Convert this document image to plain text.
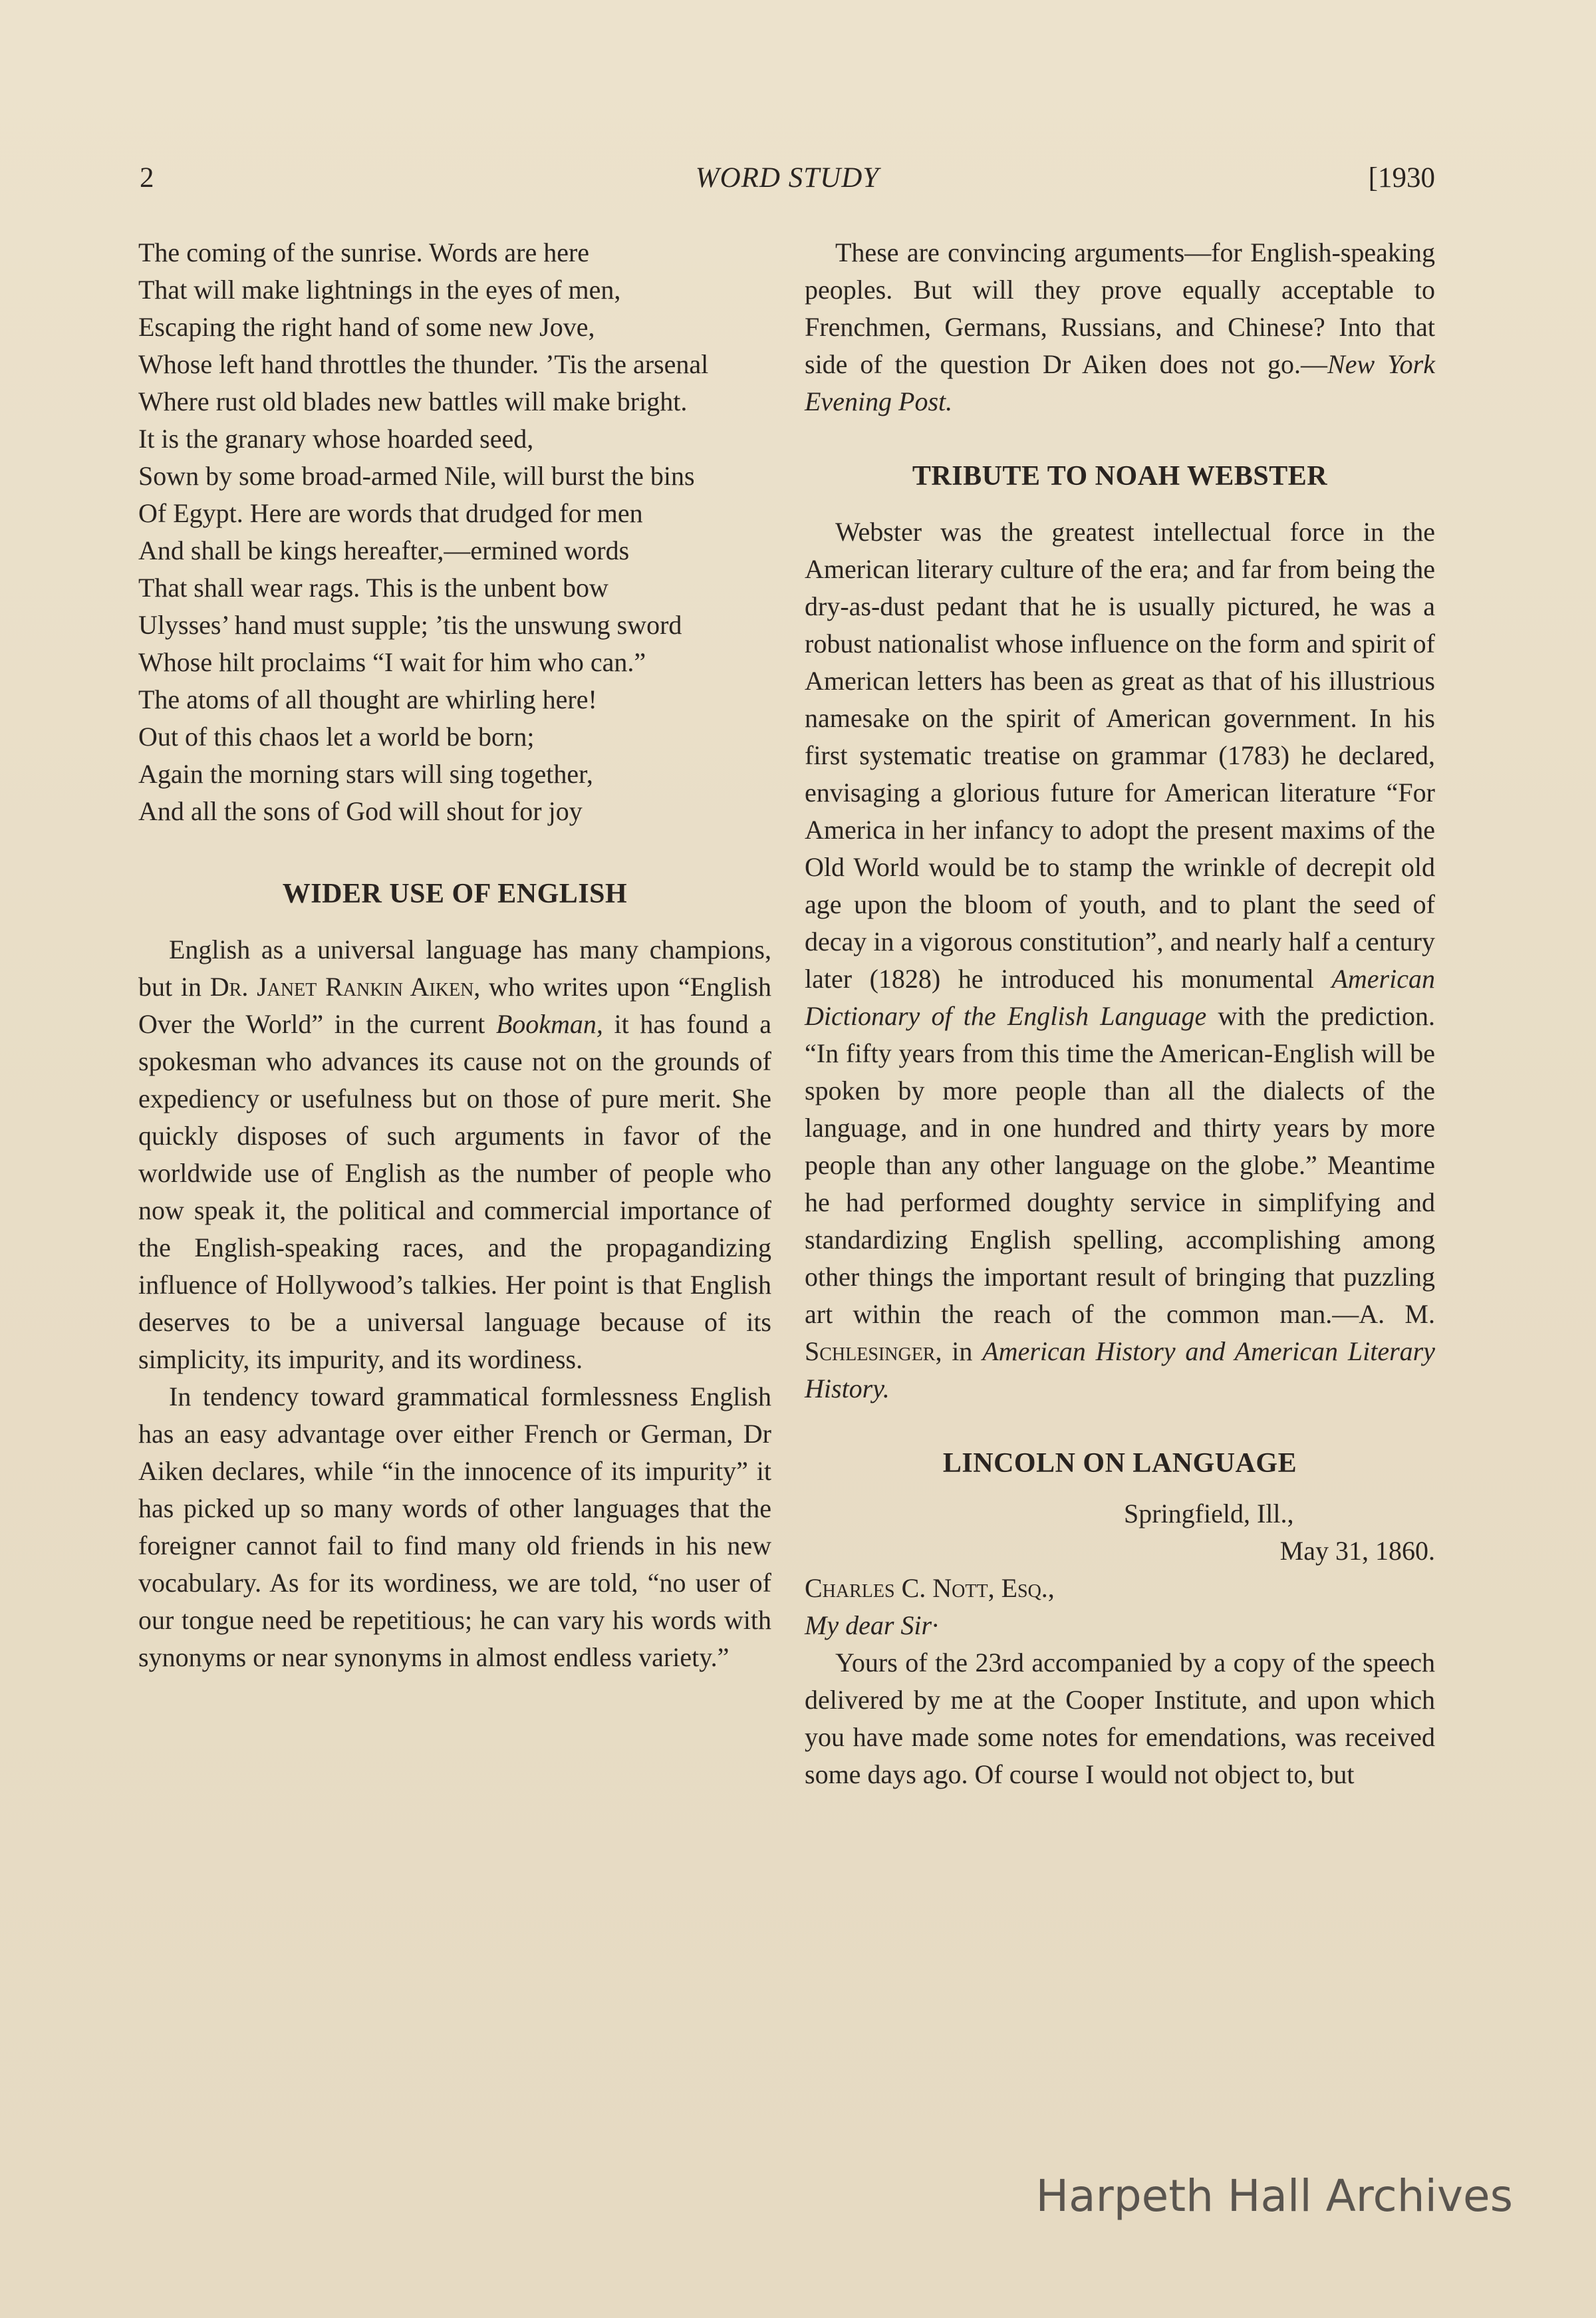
2	WORD STUDY	[1930
The coming of the sunrise. Words are here
That will make lightnings in the eyes of men,
Escaping the right hand of some new Jove,
Whose left hand throttles the thunder. ’Tis the arsenal
Where rust old blades new battles will make bright.
It is the granary whose hoarded seed,
Sown by some broad-armed Nile, will burst the bins
Of Egypt. Here are words that drudged for men
And shall be kings hereafter,—ermined words
That shall wear rags. This is the unbent bow
Ulysses’ hand must supple; ’tis the unswung sword
Whose hilt proclaims “I wait for him who can.”
The atoms of all thought are whirling here!
Out of this chaos let a world be born;
Again the morning stars will sing together,
And all the sons of God will shout for joy
WIDER USE OF ENGLISH

English as a universal language has many champions, but in Dr. Janet Rankin Aiken, who writes upon “English Over the World” in the current Bookman, it has found a spokesman who advances its cause not on the grounds of expediency or usefulness but on those of pure merit. She quickly disposes of such arguments in favor of the worldwide use of English as the number of people who now speak it, the political and commercial importance of the English-speaking races, and the propagandizing influence of Hollywood’s talkies. Her point is that English deserves to be a universal language because of its simplicity, its impurity, and its wordiness.

In tendency toward grammatical formlessness English has an easy advantage over either French or German, Dr Aiken declares, while “in the innocence of its impurity” it has picked up so many words of other languages that the foreigner cannot fail to find many old friends in his new vocabulary. As for its wordiness, we are told, “no user of our tongue need be repetitious; he can vary his words with synonyms or near synonyms in almost endless variety.”

These are convincing arguments—for English-speaking peoples. But will they prove equally acceptable to Frenchmen, Germans, Russians, and Chinese? Into that side of the question Dr Aiken does not go.—New York Evening Post.

TRIBUTE TO NOAH WEBSTER

Webster was the greatest intellectual force in the American literary culture of the era; and far from being the dry-as-dust pedant that he is usually pictured, he was a robust nationalist whose influence on the form and spirit of American letters has been as great as that of his illustrious namesake on the spirit of American government. In his first systematic treatise on grammar (1783) he declared, envisaging a glorious future for American literature “For America in her infancy to adopt the present maxims of the Old World would be to stamp the wrinkle of decrepit old age upon the bloom of youth, and to plant the seed of decay in a vigorous constitution”, and nearly half a century later (1828) he introduced his monumental American Dictionary of the English Language with the prediction. “In fifty years from this time the American-English will be spoken by more people than all the dialects of the language, and in one hundred and thirty years by more people than any other language on the globe.” Meantime he had performed doughty service in simplifying and standardizing English spelling, accomplishing among other things the important result of bringing that puzzling art within the reach of the common man.—A. M. Schlesinger, in American History and American Literary History.

LINCOLN ON LANGUAGE
Springfield, Ill.,
May 31, 1860.
Charles C. Nott, Esq.,
My dear Sir·

Yours of the 23rd accompanied by a copy of the speech delivered by me at the Cooper Institute, and upon which you have made some notes for emendations, was received some days ago. Of course I would not object to, but

Harpeth Hall Archives
